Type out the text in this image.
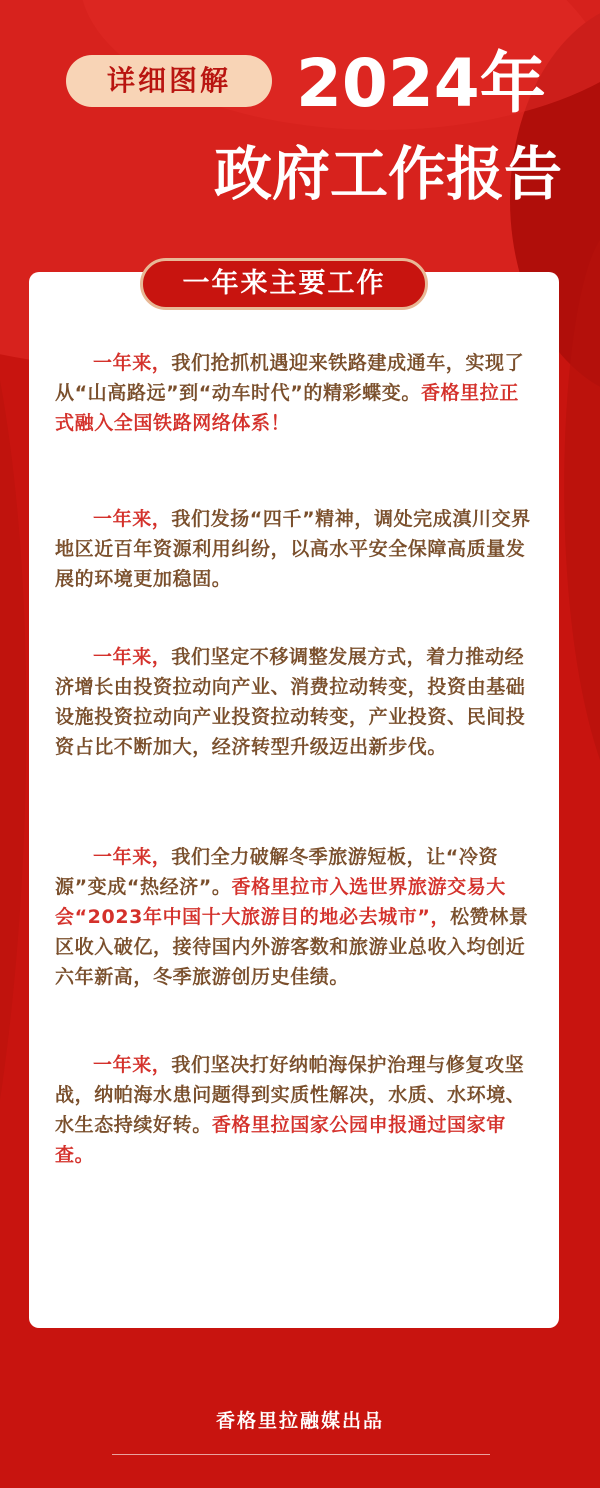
详细图解 2024年
政府工作报告
一年来主要工作

一年来，我们抢抓机遇迎来铁路建成通车，实现了从“山高路远”到“动车时代”的精彩蝶变。香格里拉正式融入全国铁路网络体系！

一年来，我们发扬“四千”精神，调处完成滇川交界地区近百年资源利用纠纷，以高水平安全保障高质量发展的环境更加稳固。

一年来，我们坚定不移调整发展方式，着力推动经济增长由投资拉动向产业、消费拉动转变，投资由基础设施投资拉动向产业投资拉动转变，产业投资、民间投资占比不断加大，经济转型升级迈出新步伐。

一年来，我们全力破解冬季旅游短板，让“冷资源”变成“热经济”。香格里拉市入选世界旅游交易大会“2023年中国十大旅游目的地必去城市”，松赞林景区收入破亿，接待国内外游客数和旅游业总收入均创近六年新高，冬季旅游创历史佳绩。

一年来，我们坚决打好纳帕海保护治理与修复攻坚战，纳帕海水患问题得到实质性解决，水质、水环境、水生态持续好转。香格里拉国家公园申报通过国家审查。

香格里拉融媒出品
